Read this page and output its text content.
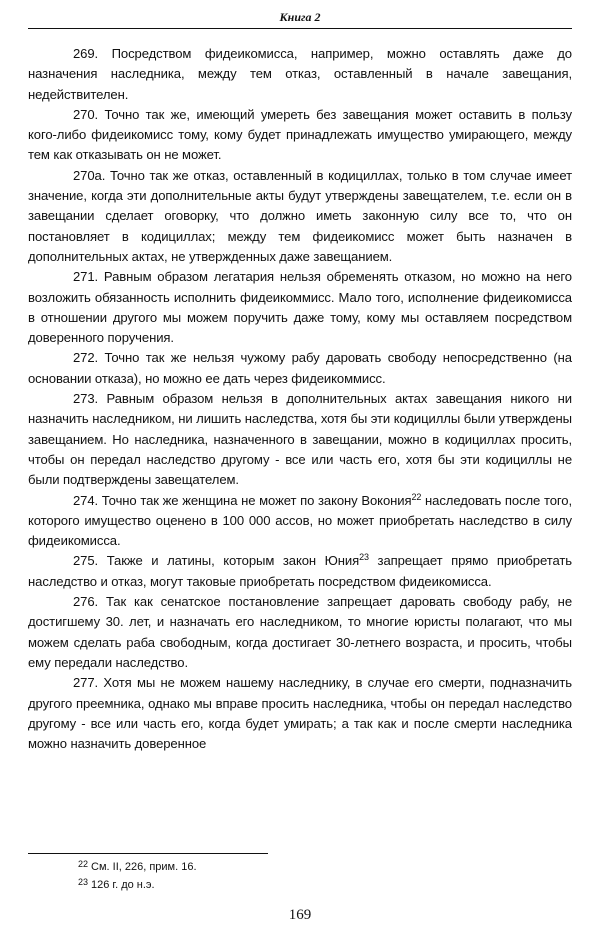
Книга 2

269. Посредством фидеикомисса, например, можно оставлять даже до назначения наследника, между тем отказ, оставленный в начале завещания, недействителен.

270. Точно так же, имеющий умереть без завещания может оставить в пользу кого-либо фидеикомисс тому, кому будет принадлежать имущество умирающего, между тем как отказывать он не может.

270а. Точно так же отказ, оставленный в кодициллах, только в том случае имеет значение, когда эти дополнительные акты будут утверждены завещателем, т.е. если он в завещании сделает оговорку, что должно иметь законную силу все то, что он постановляет в кодициллах; между тем фидеикомисс может быть назначен в дополнительных актах, не утвержденных даже завещанием.

271. Равным образом легатария нельзя обременять отказом, но можно на него возложить обязанность исполнить фидеикоммисс. Мало того, исполнение фидеикомисса в отношении другого мы можем поручить даже тому, кому мы оставляем посредством доверенного поручения.

272. Точно так же нельзя чужому рабу даровать свободу непосредственно (на основании отказа), но можно ее дать через фидеикоммисс.

273. Равным образом нельзя в дополнительных актах завещания никого ни назначить наследником, ни лишить наследства, хотя бы эти кодициллы были утверждены завещанием. Но наследника, назначенного в завещании, можно в кодициллах просить, чтобы он передал наследство другому - все или часть его, хотя бы эти кодициллы не были подтверждены завещателем.

274. Точно так же женщина не может по закону Вокония$^{22}$ наследовать после того, которого имущество оценено в 100 000 ассов, но может приобретать наследство в силу фидеикомисса.

275. Также и латины, которым закон Юния$^{23}$ запрещает прямо приобретать наследство и отказ, могут таковые приобретать посредством фидеикомисса.

276. Так как сенатское постановление запрещает даровать свободу рабу, не достигшему 30. лет, и назначать его наследником, то многие юристы полагают, что мы можем сделать раба свободным, когда достигает 30-летнего возраста, и просить, чтобы ему передали наследство.

277. Хотя мы не можем нашему наследнику, в случае его смерти, подназначить другого преемника, однако мы вправе просить наследника, чтобы он передал наследство другому - все или часть его, когда будет умирать; а так как и после смерти наследника можно назначить доверенное

$^{22}$ См. II, 226, прим. 16.
$^{23}$ 126 г. до н.э.
169
